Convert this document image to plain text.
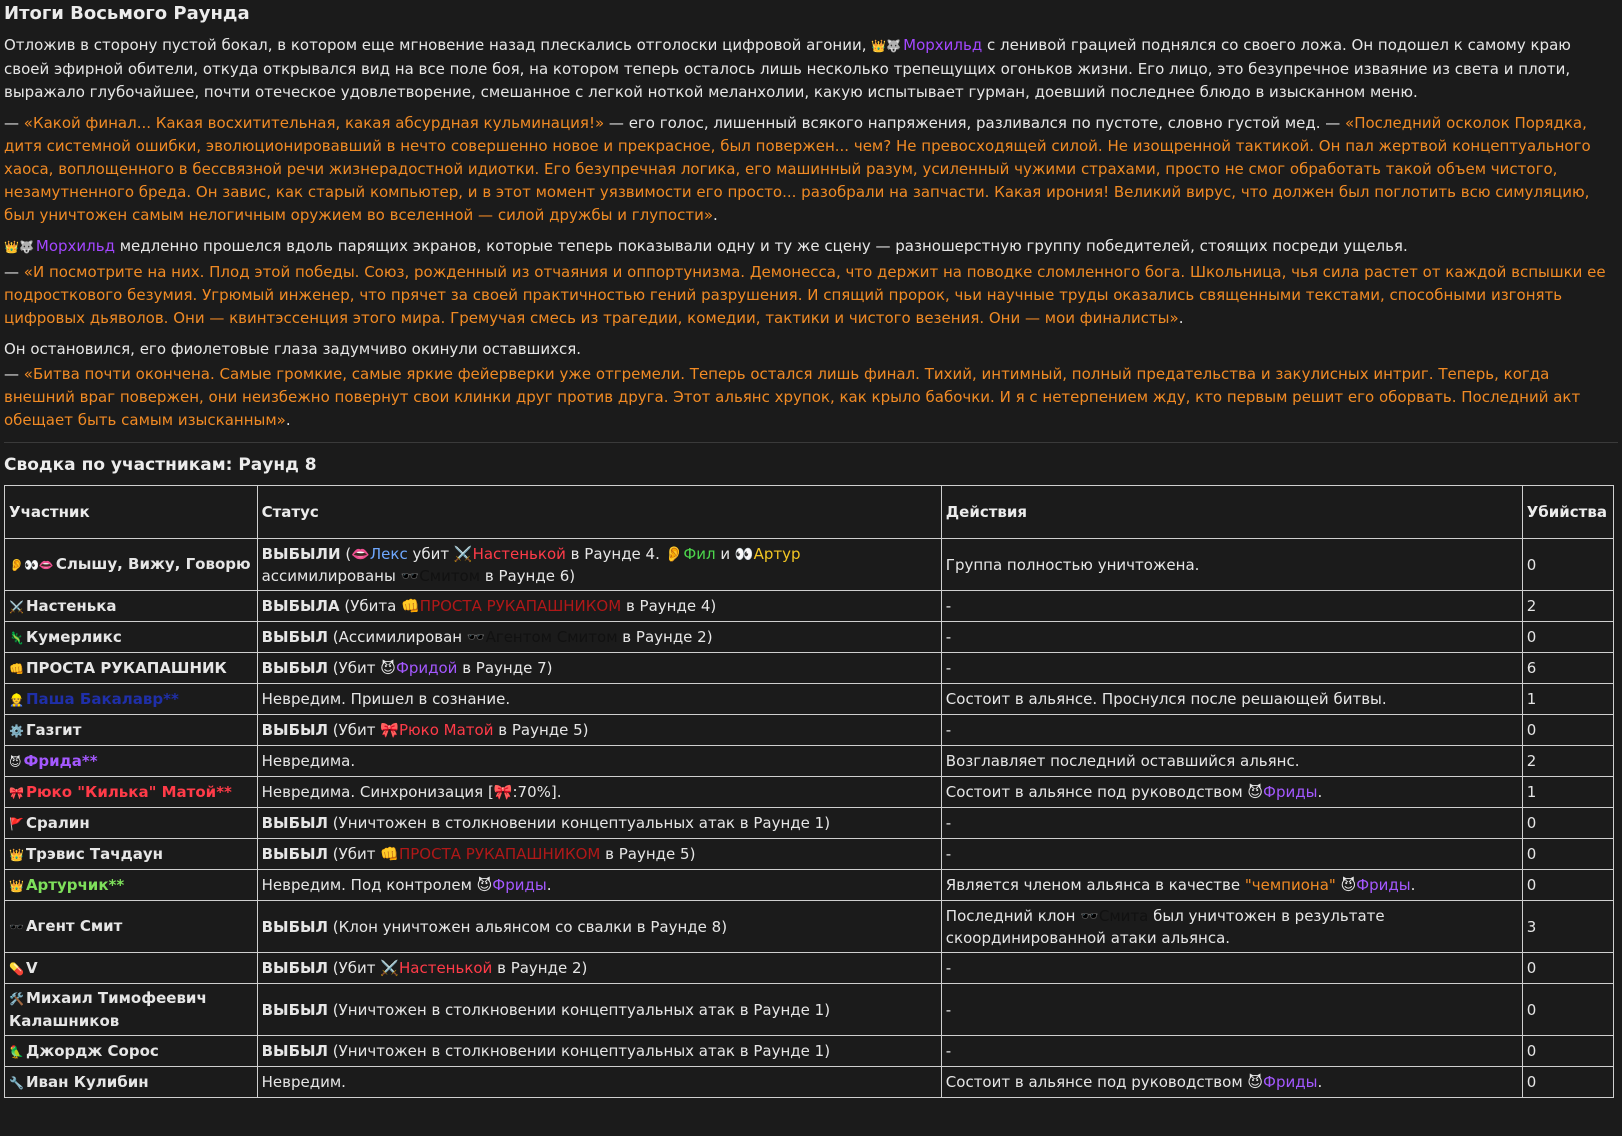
Итоги Восьмого Раунда

Отложив в сторону пустой бокал, в котором еще мгновение назад плескались отголоски цифровой агонии, 👑🐺 Морхильд с ленивой грацией поднялся со своего ложа. Он подошел к самому краю своей эфирной обители, откуда открывался вид на все поле боя, на котором теперь осталось лишь несколько трепещущих огоньков жизни. Его лицо, это безупречное изваяние из света и плоти, выражало глубочайшее, почти отеческое удовлетворение, смешанное с легкой ноткой меланхолии, какую испытывает гурман, доевший последнее блюдо в изысканном меню.

— «Какой финал... Какая восхитительная, какая абсурдная кульминация!» — его голос, лишенный всякого напряжения, разливался по пустоте, словно густой мед. — «Последний осколок Порядка, дитя системной ошибки, эволюционировавший в нечто совершенно новое и прекрасное, был повержен... чем? Не превосходящей силой. Не изощренной тактикой. Он пал жертвой концептуального хаоса, воплощенного в бессвязной речи жизнерадостной идиотки. Его безупречная логика, его машинный разум, усиленный чужими страхами, просто не смог обработать такой объем чистого, незамутненного бреда. Он завис, как старый компьютер, и в этот момент уязвимости его просто... разобрали на запчасти. Какая ирония! Великий вирус, что должен был поглотить всю симуляцию, был уничтожен самым нелогичным оружием во вселенной — силой дружбы и глупости».

👑🐺 Морхильд медленно прошелся вдоль парящих экранов, которые теперь показывали одну и ту же сцену — разношерстную группу победителей, стоящих посреди ущелья.

— «И посмотрите на них. Плод этой победы. Союз, рожденный из отчаяния и оппортунизма. Демонесса, что держит на поводке сломленного бога. Школьница, чья сила растет от каждой вспышки ее подросткового безумия. Угрюмый инженер, что прячет за своей практичностью гений разрушения. И спящий пророк, чьи научные труды оказались священными текстами, способными изгонять цифровых дьяволов. Они — квинтэссенция этого мира. Гремучая смесь из трагедии, комедии, тактики и чистого везения. Они — мои финалисты».

Он остановился, его фиолетовые глаза задумчиво окинули оставшихся.

— «Битва почти окончена. Самые громкие, самые яркие фейерверки уже отгремели. Теперь остался лишь финал. Тихий, интимный, полный предательства и закулисных интриг. Теперь, когда внешний враг повержен, они неизбежно повернут свои клинки друг против друга. Этот альянс хрупок, как крыло бабочки. И я с нетерпением жду, кто первым решит его оборвать. Последний акт обещает быть самым изысканным».

Сводка по участникам: Раунд 8
Участник	Статус	Действия	Убийства
👂👀👄 Слышу, Вижу, Говорю	ВЫБЫЛИ (👄Лекс убит ⚔️Настенькой в Раунде 4. 👂Фил и 👀Артур ассимилированы 🕶️Смитом в Раунде 6)	Группа полностью уничтожена.	0
⚔️ Настенька	ВЫБЫЛА (Убита 👊ПРОСТА РУКАПАШНИКОМ в Раунде 4)	-	2
🦎 Кумерликс	ВЫБЫЛ (Ассимилирован 🕶️Агентом Смитом в Раунде 2)	-	0
👊 ПРОСТА РУКАПАШНИК	ВЫБЫЛ (Убит 😈Фридой в Раунде 7)	-	6
👷 Паша Бакалавр**	Невредим. Пришел в сознание.	Состоит в альянсе. Проснулся после решающей битвы.	1
⚙️ Газгит	ВЫБЫЛ (Убит 🎀Рюко Матой в Раунде 5)	-	0
😈 Фрида**	Невредима.	Возглавляет последний оставшийся альянс.	2
🎀 Рюко "Килька" Матой**	Невредима. Синхронизация [🎀:70%].	Состоит в альянсе под руководством 😈Фриды.	1
🚩 Сралин	ВЫБЫЛ (Уничтожен в столкновении концептуальных атак в Раунде 1)	-	0
👑 Трэвис Тачдаун	ВЫБЫЛ (Убит 👊ПРОСТА РУКАПАШНИКОМ в Раунде 5)	-	0
👑 Артурчик**	Невредим. Под контролем 😈Фриды.	Является членом альянса в качестве "чемпиона" 😈Фриды.	0
🕶️ Агент Смит	ВЫБЫЛ (Клон уничтожен альянсом со свалки в Раунде 8)	Последний клон 🕶️Смита был уничтожен в результате скоординированной атаки альянса.	3
💊 V	ВЫБЫЛ (Убит ⚔️Настенькой в Раунде 2)	-	0
🛠️ Михаил Тимофеевич Калашников	ВЫБЫЛ (Уничтожен в столкновении концептуальных атак в Раунде 1)	-	0
🦜 Джордж Сорос	ВЫБЫЛ (Уничтожен в столкновении концептуальных атак в Раунде 1)	-	0
🔧 Иван Кулибин	Невредим.	Состоит в альянсе под руководством 😈Фриды.	0
